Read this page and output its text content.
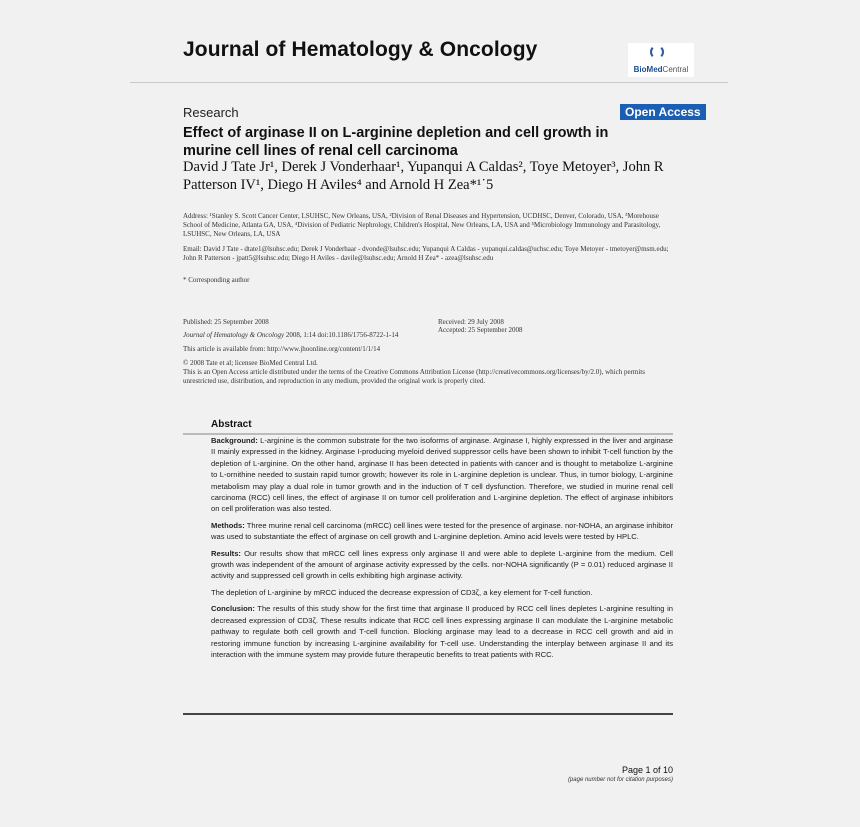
Journal of Hematology & Oncology
BioMedCentral
Research	Open Access
Effect of arginase II on L-arginine depletion and cell growth in murine cell lines of renal cell carcinoma
David J Tate Jr¹, Derek J Vonderhaar¹, Yupanqui A Caldas², Toye Metoyer³, John R Patterson IV¹, Diego H Aviles⁴ and Arnold H Zea*¹˙5
Address: ¹Stanley S. Scott Cancer Center, LSUHSC, New Orleans, USA, ²Division of Renal Diseases and Hypertension, UCDHSC, Denver, Colorado, USA, ³Morehouse School of Medicine, Atlanta GA, USA, ⁴Division of Pediatric Nephrology, Children's Hospital, New Orleans, LA, USA and ⁵Microbiology Immunology and Parasitology, LSUHSC, New Orleans, LA, USA
Email: David J Tate - dtate1@lsuhsc.edu; Derek J Vonderhaar - dvonde@lsuhsc.edu; Yupanqui A Caldas - yupanqui.caldas@uchsc.edu; Toye Metoyer - tmetoyer@msm.edu; John R Patterson - jpatt5@lsuhsc.edu; Diego H Aviles - davile@lsuhsc.edu; Arnold H Zea* - azea@lsuhsc.edu
* Corresponding author
Published: 25 September 2008
Journal of Hematology & Oncology 2008, 1:14 doi:10.1186/1756-8722-1-14
Received: 29 July 2008
Accepted: 25 September 2008
This article is available from: http://www.jhoonline.org/content/1/1/14
© 2008 Tate et al; licensee BioMed Central Ltd.
This is an Open Access article distributed under the terms of the Creative Commons Attribution License (http://creativecommons.org/licenses/by/2.0), which permits unrestricted use, distribution, and reproduction in any medium, provided the original work is properly cited.
Abstract

Background: L-arginine is the common substrate for the two isoforms of arginase. Arginase I, highly expressed in the liver and arginase II mainly expressed in the kidney. Arginase I-producing myeloid derived suppressor cells have been shown to inhibit T-cell function by the depletion of L-arginine. On the other hand, arginase II has been detected in patients with cancer and is thought to metabolize L-arginine to L-ornithine needed to sustain rapid tumor growth; however its role in L-arginine depletion is unclear. Thus, in tumor biology, L-arginine metabolism may play a dual role in tumor growth and in the induction of T cell dysfunction. Therefore, we studied in murine renal cell carcinoma (RCC) cell lines, the effect of arginase II on tumor cell proliferation and L-arginine depletion. The effect of arginase inhibitors on cell proliferation was also tested.

Methods: Three murine renal cell carcinoma (mRCC) cell lines were tested for the presence of arginase. nor-NOHA, an arginase inhibitor was used to substantiate the effect of arginase on cell growth and L-arginine depletion. Amino acid levels were tested by HPLC.

Results: Our results show that mRCC cell lines express only arginase II and were able to deplete L-arginine from the medium. Cell growth was independent of the amount of arginase activity expressed by the cells. nor-NOHA significantly (P = 0.01) reduced arginase II activity and suppressed cell growth in cells exhibiting high arginase activity.

The depletion of L-arginine by mRCC induced the decrease expression of CD3ζ, a key element for T-cell function.

Conclusion: The results of this study show for the first time that arginase II produced by RCC cell lines depletes L-arginine resulting in decreased expression of CD3ζ. These results indicate that RCC cell lines expressing arginase II can modulate the L-arginine metabolic pathway to regulate both cell growth and T-cell function. Blocking arginase may lead to a decrease in RCC cell growth and aid in restoring immune function by increasing L-arginine availability for T-cell use. Understanding the interplay between arginase II and its interaction with the immune system may provide future therapeutic benefits to treat patients with RCC.

Page 1 of 10
(page number not for citation purposes)
